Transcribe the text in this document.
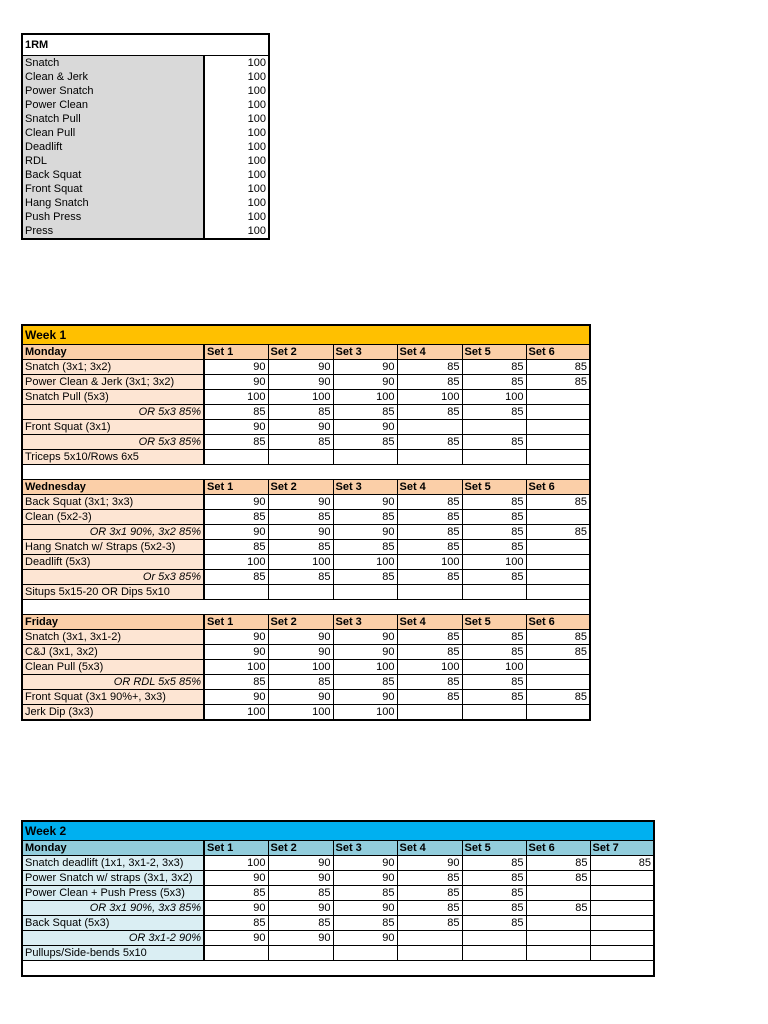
1RM	
Snatch	100
Clean & Jerk	100
Power Snatch	100
Power Clean	100
Snatch Pull	100
Clean Pull	100
Deadlift	100
RDL	100
Back Squat	100
Front Squat	100
Hang Snatch	100
Push Press	100
Press	100
Week 1						
Monday	Set 1	Set 2	Set 3	Set 4	Set 5	Set 6
Snatch (3x1; 3x2)	90	90	90	85	85	85
Power Clean & Jerk (3x1; 3x2)	90	90	90	85	85	85
Snatch Pull (5x3)	100	100	100	100	100	
OR 5x3 85%	85	85	85	85	85	
Front Squat (3x1)	90	90	90			
OR 5x3 85%	85	85	85	85	85	
Triceps 5x10/Rows 6x5						

Wednesday	Set 1	Set 2	Set 3	Set 4	Set 5	Set 6
Back Squat (3x1; 3x3)	90	90	90	85	85	85
Clean (5x2-3)	85	85	85	85	85	
OR 3x1 90%, 3x2 85%	90	90	90	85	85	85
Hang Snatch w/ Straps (5x2-3)	85	85	85	85	85	
Deadlift (5x3)	100	100	100	100	100	
Or 5x3 85%	85	85	85	85	85	
Situps 5x15-20 OR Dips 5x10						

Friday	Set 1	Set 2	Set 3	Set 4	Set 5	Set 6
Snatch (3x1, 3x1-2)	90	90	90	85	85	85
C&J (3x1, 3x2)	90	90	90	85	85	85
Clean Pull (5x3)	100	100	100	100	100	
OR RDL 5x5 85%	85	85	85	85	85	
Front Squat (3x1 90%+, 3x3)	90	90	90	85	85	85
Jerk Dip (3x3)	100	100	100			
Week 2							
Monday	Set 1	Set 2	Set 3	Set 4	Set 5	Set 6	Set 7
Snatch deadlift (1x1, 3x1-2, 3x3)	100	90	90	90	85	85	85
Power Snatch w/ straps (3x1, 3x2)	90	90	90	85	85	85	
Power Clean + Push Press (5x3)	85	85	85	85	85		
OR 3x1 90%, 3x3 85%	90	90	90	85	85	85	
Back Squat (5x3)	85	85	85	85	85		
OR 3x1-2 90%	90	90	90				
Pullups/Side-bends 5x10							
